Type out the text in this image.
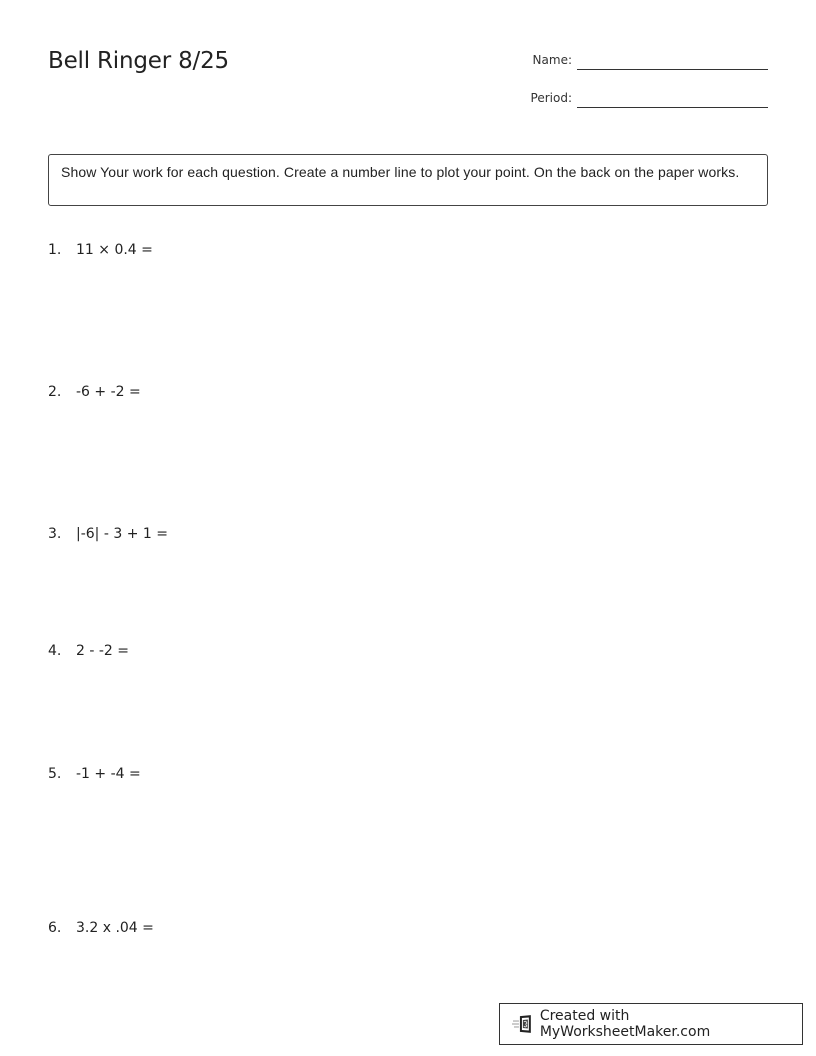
Bell Ringer 8/25	Name:
Period:
Show Your work for each question. Create a number line to plot your point. On the back on the paper works.
1. 11 × 0.4 =
2. -6 + -2 =
3. |-6| - 3 + 1 =
4. 2 - -2 =
5. -1 + -4 =
6. 3.2 x .04 =
Created with MyWorksheetMaker.com
